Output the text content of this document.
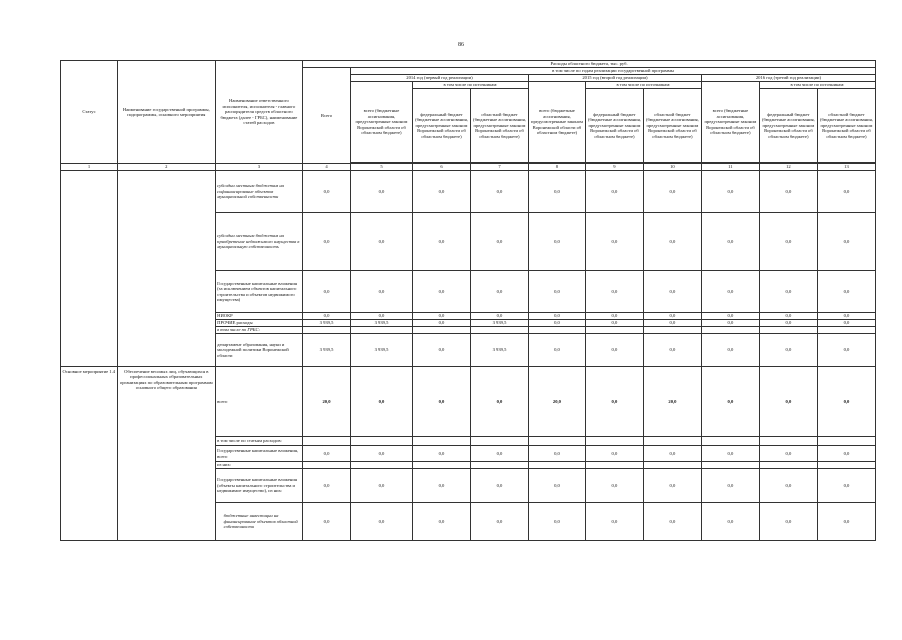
86
Статус	Наименование государственной программы, подпрограммы, основного мероприятия	Наименование ответственного исполнителя, исполнителя - главного распорядителя средств областного бюджета (далее - ГРБС), наименование статей расходов	Расходы областного бюджета, тыс. руб.									
			Всего	в том числе по годам реализации государственной программы								
				2014 год (первый год реализации)			2015 год (второй год реализации)			2016 год (третий год реализации)		
				всего (бюджетные ассигнования, предусмотренные законом Воронежской области об областном бюджете)	в том числе по источникам:		всего (бюджетные ассигнования, предусмотренные законом Воронежской области об областном бюджете)	в том числе по источникам:		всего (бюджетные ассигнования, предусмотренные законом Воронежской области об областном бюджете)	в том числе по источникам:	
					федеральный бюджет (бюджетные ассигнования, предусмотренные законом Воронежской области об областном бюджете)	областной бюджет (бюджетные ассигнования, предусмотренные законом Воронежской области об областном бюджете)		федеральный бюджет (бюджетные ассигнования, предусмотренные законом Воронежской области об областном бюджете)	областной бюджет (бюджетные ассигнования, предусмотренные законом Воронежской области об областном бюджете)		федеральный бюджет (бюджетные ассигнования, предусмотренные законом Воронежской области об областном бюджете)	областной бюджет (бюджетные ассигнования, предусмотренные законом Воронежской области об областном бюджете)

1	2	3	4	5	6	7	8	9	10	11	12	13
		субсидии местным бюджетам на софинансирование объектов муниципальной собственности	0,0	0,0	0,0	0,0	0,0	0,0	0,0	0,0	0,0	0,0
		субсидии местным бюджетам на приобретение недвижимого имущества в муниципальную собственность	0,0	0,0	0,0	0,0	0,0	0,0	0,0	0,0	0,0	0,0
		Государственные капитальные вложения (за исключением объектов капитального строительства и объектов недвижимого имущества)	0,0	0,0	0,0	0,0	0,0	0,0	0,0	0,0	0,0	0,0
		НИОКР	0,0	0,0	0,0	0,0	0,0	0,0	0,0	0,0	0,0	0,0
		ПРОЧИЕ расходы	3 939,5	3 939,5	0,0	3 939,5	0,0	0,0	0,0	0,0	0,0	0,0
		в том числе по ГРБС:										
		департамент образования, науки и молодежной политики Воронежской области	3 939,5	3 939,5	0,0	3 939,5	0,0	0,0	0,0	0,0	0,0	0,0
Основное мероприятие 1.4	Обеспечение весомых лиц, обучающихся в профессиональных образовательных организациях по образовательным программам основного общего образования	всего	20,0	0,0	0,0	0,0	20,0	0,0	20,0	0,0	0,0	0,0
		в том числе по статьям расходов:										
		Государственные капитальные вложения, всего	0,0	0,0	0,0	0,0	0,0	0,0	0,0	0,0	0,0	0,0
		из них:										
		Государственные капитальные вложения (объекты капитального строительства и недвижимое имущество), из них:	0,0	0,0	0,0	0,0	0,0	0,0	0,0	0,0	0,0	0,0
		бюджетные инвестиции на финансирование объектов областной собственности	0,0	0,0	0,0	0,0	0,0	0,0	0,0	0,0	0,0	0,0
